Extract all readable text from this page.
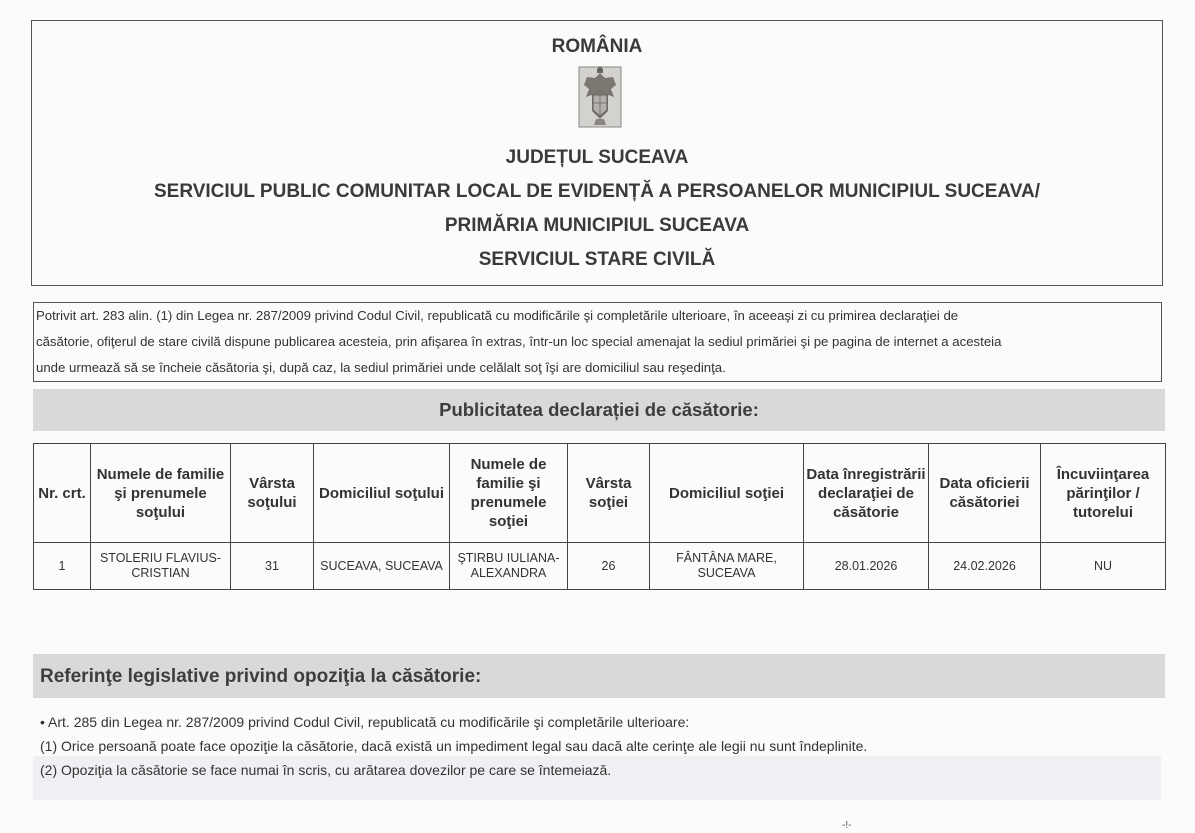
ROMÂNIA
JUDEȚUL SUCEAVA
SERVICIUL PUBLIC COMUNITAR LOCAL DE EVIDENȚĂ A PERSOANELOR MUNICIPIUL SUCEAVA/
PRIMĂRIA MUNICIPIUL SUCEAVA
SERVICIUL STARE CIVILĂ
Potrivit art. 283 alin. (1) din Legea nr. 287/2009 privind Codul Civil, republicată cu modificările şi completările ulterioare, în aceeaşi zi cu primirea declaraţiei de
căsătorie, ofiţerul de stare civilă dispune publicarea acesteia, prin afişarea în extras, într-un loc special amenajat la sediul primăriei şi pe pagina de internet a acesteia
unde urmează să se încheie căsătoria şi, după caz, la sediul primăriei unde celălalt soţ îşi are domiciliul sau reşedinţa.
Publicitatea declarației de căsătorie:
Nr. crt.	Numele de familie şi prenumele soţului	Vârsta soţului	Domiciliul soţului	Numele de familie şi prenumele soţiei	Vârsta soţiei	Domiciliul soţiei	Data înregistrării declaraţiei de căsătorie	Data oficierii căsătoriei	Încuviinţarea părinţilor / tutorelui
1	STOLERIU FLAVIUS-CRISTIAN	31	SUCEAVA, SUCEAVA	ŞTIRBU IULIANA-ALEXANDRA	26	FÂNTÂNA MARE, SUCEAVA	28.01.2026	24.02.2026	NU
Referinţe legislative privind opoziţia la căsătorie:
• Art. 285 din Legea nr. 287/2009 privind Codul Civil, republicată cu modificările şi completările ulterioare:
(1) Orice persoană poate face opoziţie la căsătorie, dacă există un impediment legal sau dacă alte cerinţe ale legii nu sunt îndeplinite.
(2) Opoziţia la căsătorie se face numai în scris, cu arătarea dovezilor pe care se întemeiază.
-!-
